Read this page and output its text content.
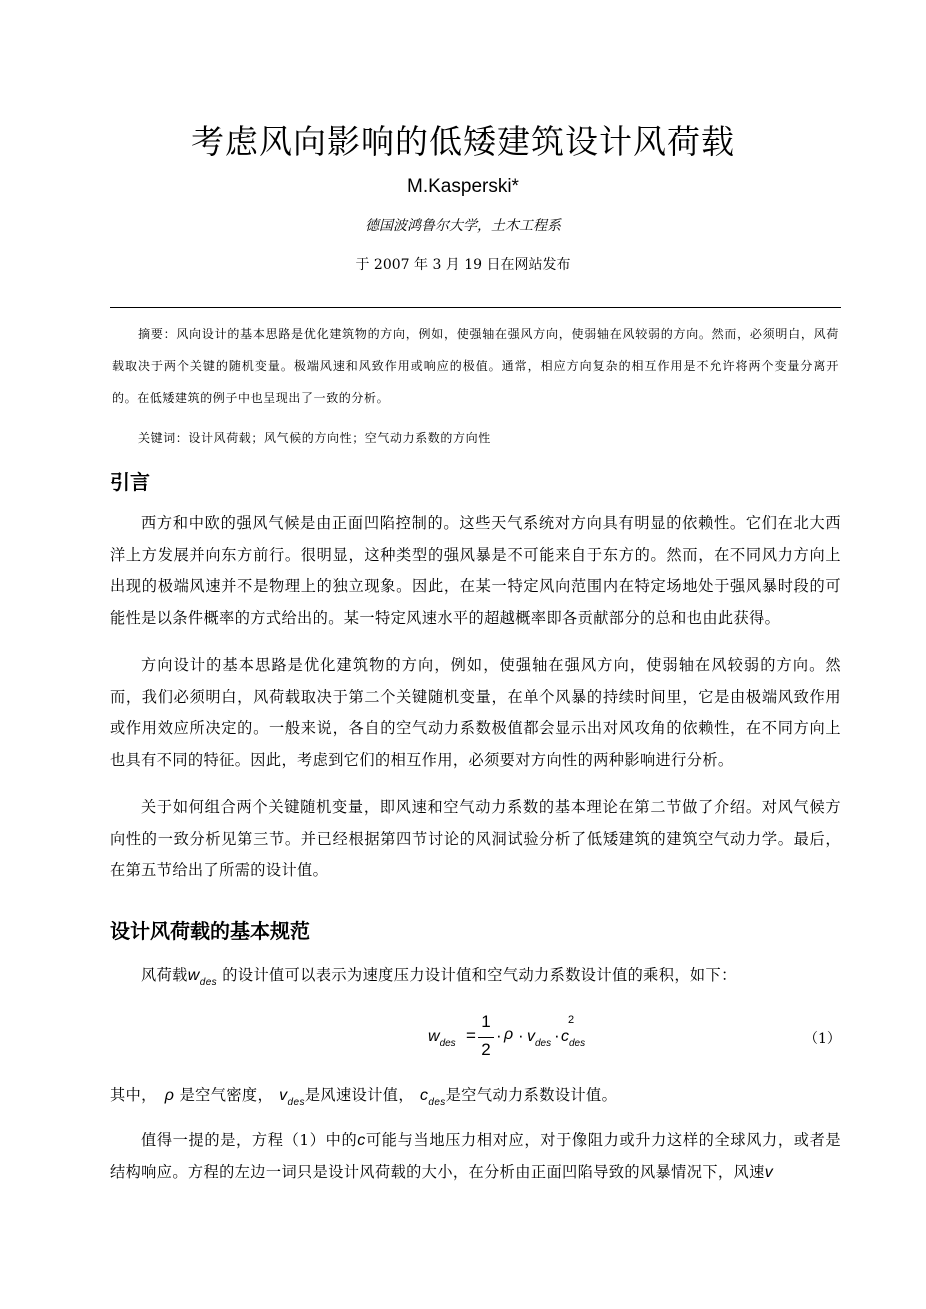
考虑风向影响的低矮建筑设计风荷载
M.Kasperski*
德国波鸿鲁尔大学，土木工程系
于 2007 年 3 月 19 日在网站发布
摘要：风向设计的基本思路是优化建筑物的方向，例如，使强轴在强风方向，使弱轴在风较弱的方向。然而，必须明白，风荷载取决于两个关键的随机变量。极端风速和风致作用或响应的极值。通常，相应方向复杂的相互作用是不允许将两个变量分离开的。在低矮建筑的例子中也呈现出了一致的分析。
关键词：设计风荷载；风气候的方向性；空气动力系数的方向性
引言
西方和中欧的强风气候是由正面凹陷控制的。这些天气系统对方向具有明显的依赖性。它们在北大西洋上方发展并向东方前行。很明显，这种类型的强风暴是不可能来自于东方的。然而，在不同风力方向上出现的极端风速并不是物理上的独立现象。因此，在某一特定风向范围内在特定场地处于强风暴时段的可能性是以条件概率的方式给出的。某一特定风速水平的超越概率即各贡献部分的总和也由此获得。
方向设计的基本思路是优化建筑物的方向，例如，使强轴在强风方向，使弱轴在风较弱的方向。然而，我们必须明白，风荷载取决于第二个关键随机变量，在单个风暴的持续时间里，它是由极端风致作用或作用效应所决定的。一般来说，各自的空气动力系数极值都会显示出对风攻角的依赖性，在不同方向上也具有不同的特征。因此，考虑到它们的相互作用，必须要对方向性的两种影响进行分析。
关于如何组合两个关键随机变量，即风速和空气动力系数的基本理论在第二节做了介绍。对风气候方向性的一致分析见第三节。并已经根据第四节讨论的风洞试验分析了低矮建筑的建筑空气动力学。最后，在第五节给出了所需的设计值。
设计风荷载的基本规范
风荷载$w_{des}$ 的设计值可以表示为速度压力设计值和空气动力系数设计值的乘积，如下：
$w_{des}$ =
1
2
· $\rho \cdot v_{des}$
2
· $c_{des}$	（1）
其中， ρ 是空气密度， $v_{des}$是风速设计值， $c_{des}$是空气动力系数设计值。
值得一提的是，方程（1）中的c可能与当地压力相对应，对于像阻力或升力这样的全球风力，或者是结构响应。方程的左边一词只是设计风荷载的大小，在分析由正面凹陷导致的风暴情况下，风速v
